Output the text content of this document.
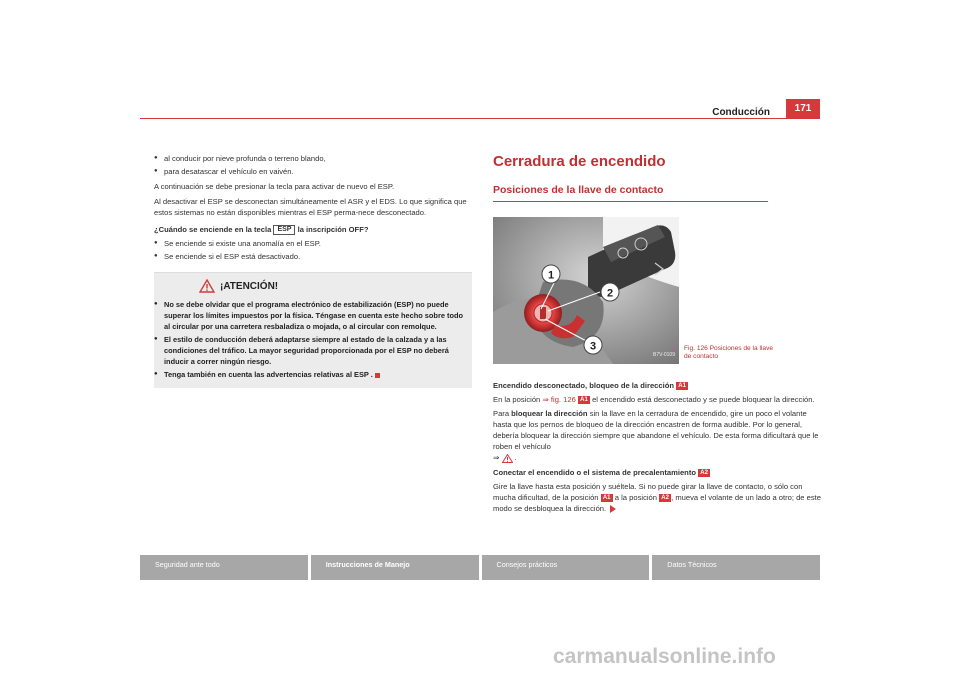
Conducción	171
● al conducir por nieve profunda o terreno blando,
● para desatascar el vehículo en vaivén.

A continuación se debe presionar la tecla para activar de nuevo el ESP.

Al desactivar el ESP se desconectan simultáneamente el ASR y el EDS. Lo que significa que estos sistemas no están disponibles mientras el ESP perma-nece desconectado.

¿Cuándo se enciende en la tecla ESP la inscripción OFF?

● Se enciende si existe una anomalía en el ESP.
● Se enciende si el ESP está desactivado.
¡ATENCIÓN!
● No se debe olvidar que el programa electrónico de estabilización (ESP) no puede superar los límites impuestos por la física. Téngase en cuenta este hecho sobre todo al circular por una carretera resbaladiza o mojada, o al circular con remolque.
● El estilo de conducción deberá adaptarse siempre al estado de la calzada y a las condiciones del tráfico. La mayor seguridad proporcionada por el ESP no deberá inducir a correr ningún riesgo.
● Tenga también en cuenta las advertencias relativas al ESP .
Cerradura de encendido
Posiciones de la llave de contacto
1
2
3
B7V-0109
Fig. 126 Posiciones de la llave de contacto

Encendido desconectado, bloqueo de la dirección A1

En la posición ⇒ fig. 126 A1 el encendido está desconectado y se puede bloquear la dirección.

Para bloquear la dirección sin la llave en la cerradura de encendido, gire un poco el volante hasta que los pernos de bloqueo de la dirección encastren de forma audible. Por lo general, debería bloquear la dirección siempre que abandone el vehículo. De esta forma dificultará que le roben el vehículo
⇒ .

Conectar el encendido o el sistema de precalentamiento A2

Gire la llave hasta esta posición y suéltela. Si no puede girar la llave de contacto, o sólo con mucha dificultad, de la posición A1 a la posición A2 , mueva el volante de un lado a otro; de este modo se desbloquea la dirección.

Seguridad ante todo	Instrucciones de Manejo	Consejos prácticos	Datos Técnicos
carmanualsonline.info
